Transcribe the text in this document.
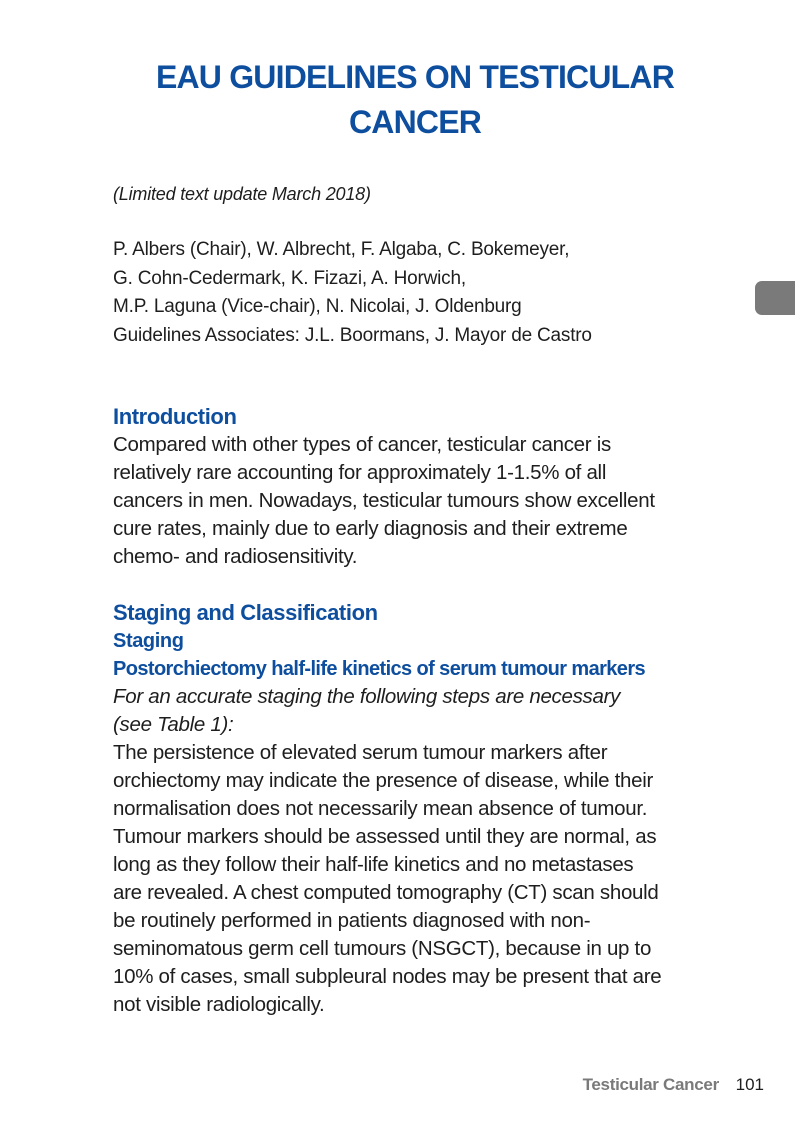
EAU GUIDELINES ON TESTICULAR
CANCER

(Limited text update March 2018)

P. Albers (Chair), W. Albrecht, F. Algaba, C. Bokemeyer,
G. Cohn-Cedermark, K. Fizazi, A. Horwich,
M.P. Laguna (Vice-chair), N. Nicolai, J. Oldenburg
Guidelines Associates: J.L. Boormans, J. Mayor de Castro

Introduction

Compared with other types of cancer, testicular cancer is
relatively rare accounting for approximately 1-1.5% of all
cancers in men. Nowadays, testicular tumours show excellent
cure rates, mainly due to early diagnosis and their extreme
chemo- and radiosensitivity.

Staging and Classification
Staging
Postorchiectomy half-life kinetics of serum tumour markers

For an accurate staging the following steps are necessary
(see Table 1):

The persistence of elevated serum tumour markers after
orchiectomy may indicate the presence of disease, while their
normalisation does not necessarily mean absence of tumour.
Tumour markers should be assessed until they are normal, as
long as they follow their half-life kinetics and no metastases
are revealed. A chest computed tomography (CT) scan should
be routinely performed in patients diagnosed with non-
seminomatous germ cell tumours (NSGCT), because in up to
10% of cases, small subpleural nodes may be present that are
not visible radiologically.

Testicular Cancer 101
